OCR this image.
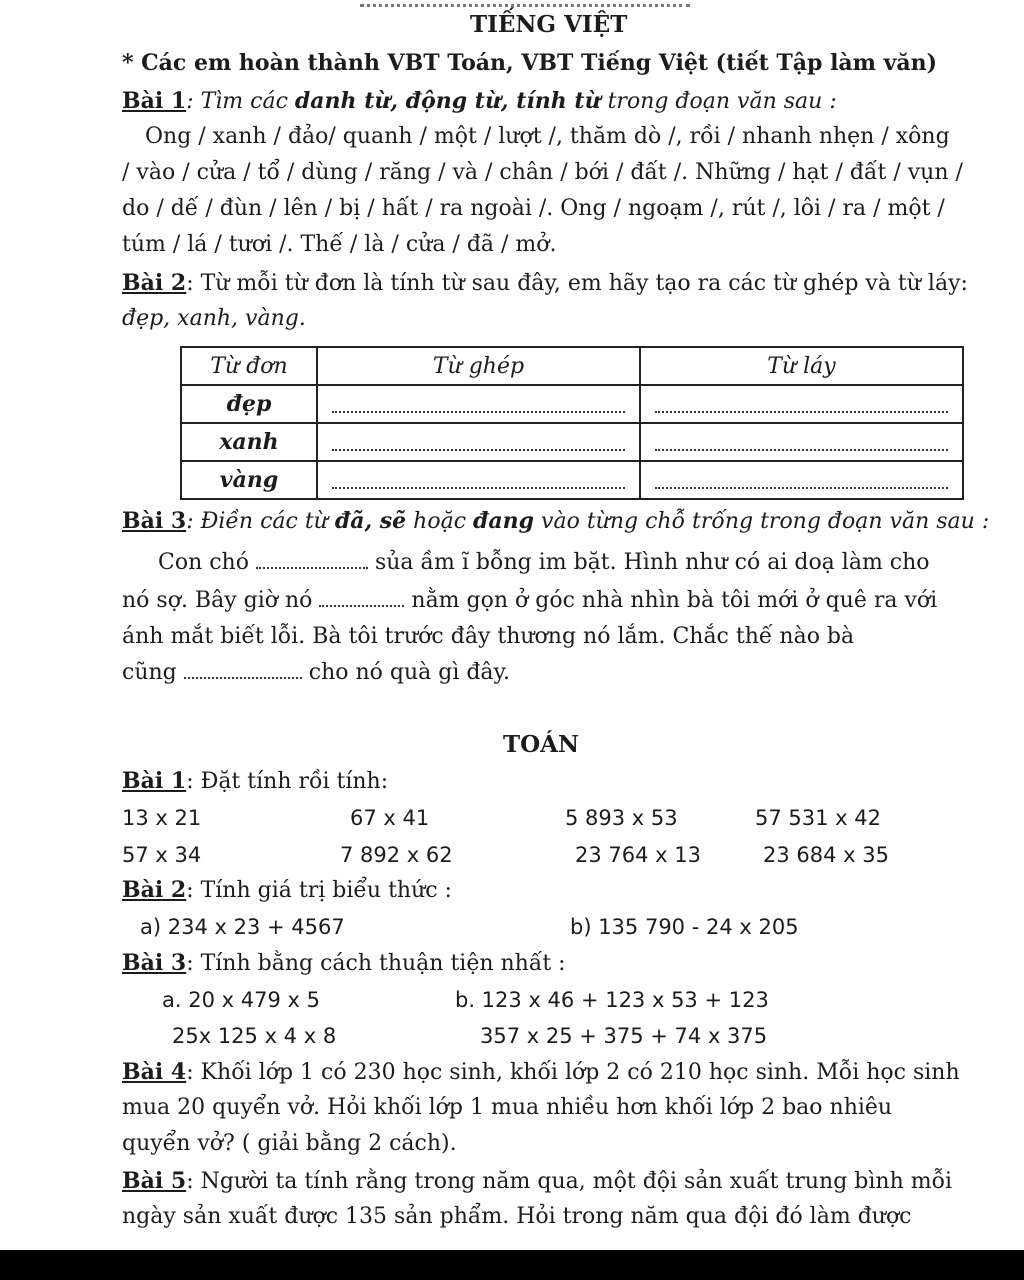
TIẾNG VIỆT
* Các em hoàn thành VBT Toán, VBT Tiếng Việt (tiết Tập làm văn)
Bài 1: Tìm các danh từ, động từ, tính từ trong đoạn văn sau :
Ong / xanh / đảo/ quanh / một / lượt /, thăm dò /, rồi / nhanh nhẹn / xông
/ vào / cửa / tổ / dùng / răng / và / chân / bới / đất /. Những / hạt / đất / vụn /
do / dế / đùn / lên / bị / hất / ra ngoài /. Ong / ngoạm /, rút /, lôi / ra / một /
túm / lá / tươi /. Thế / là / cửa / đã / mở.
Bài 2: Từ mỗi từ đơn là tính từ sau đây, em hãy tạo ra các từ ghép và từ láy:
đẹp, xanh, vàng.
Từ đơn	Từ ghép	Từ láy
đẹp	

xanh	

vàng	

Bài 3: Điền các từ đã, sẽ hoặc đang vào từng chỗ trống trong đoạn văn sau :
Con chó	sủa ầm ĩ bỗng im bặt. Hình như có ai doạ làm cho
nó sợ. Bây giờ nó	nằm gọn ở góc nhà nhìn bà tôi mới ở quê ra với
ánh mắt biết lỗi. Bà tôi trước đây thương nó lắm. Chắc thế nào bà
cũng	cho nó quà gì đây.
TOÁN
Bài 1: Đặt tính rồi tính:
13 x 21	67 x 41	5 893 x 53	57 531 x 42
57 x 34	7 892 x 62	23 764 x 13	23 684 x 35
Bài 2: Tính giá trị biểu thức :
a) 234 x 23 + 4567	b) 135 790 - 24 x 205
Bài 3: Tính bằng cách thuận tiện nhất :
a. 20 x 479 x 5	b. 123 x 46 + 123 x 53 + 123
25x 125 x 4 x 8	357 x 25 + 375 + 74 x 375
Bài 4: Khối lớp 1 có 230 học sinh, khối lớp 2 có 210 học sinh. Mỗi học sinh
mua 20 quyển vở. Hỏi khối lớp 1 mua nhiều hơn khối lớp 2 bao nhiêu
quyển vở? ( giải bằng 2 cách).
Bài 5: Người ta tính rằng trong năm qua, một đội sản xuất trung bình mỗi
ngày sản xuất được 135 sản phẩm. Hỏi trong năm qua đội đó làm được
